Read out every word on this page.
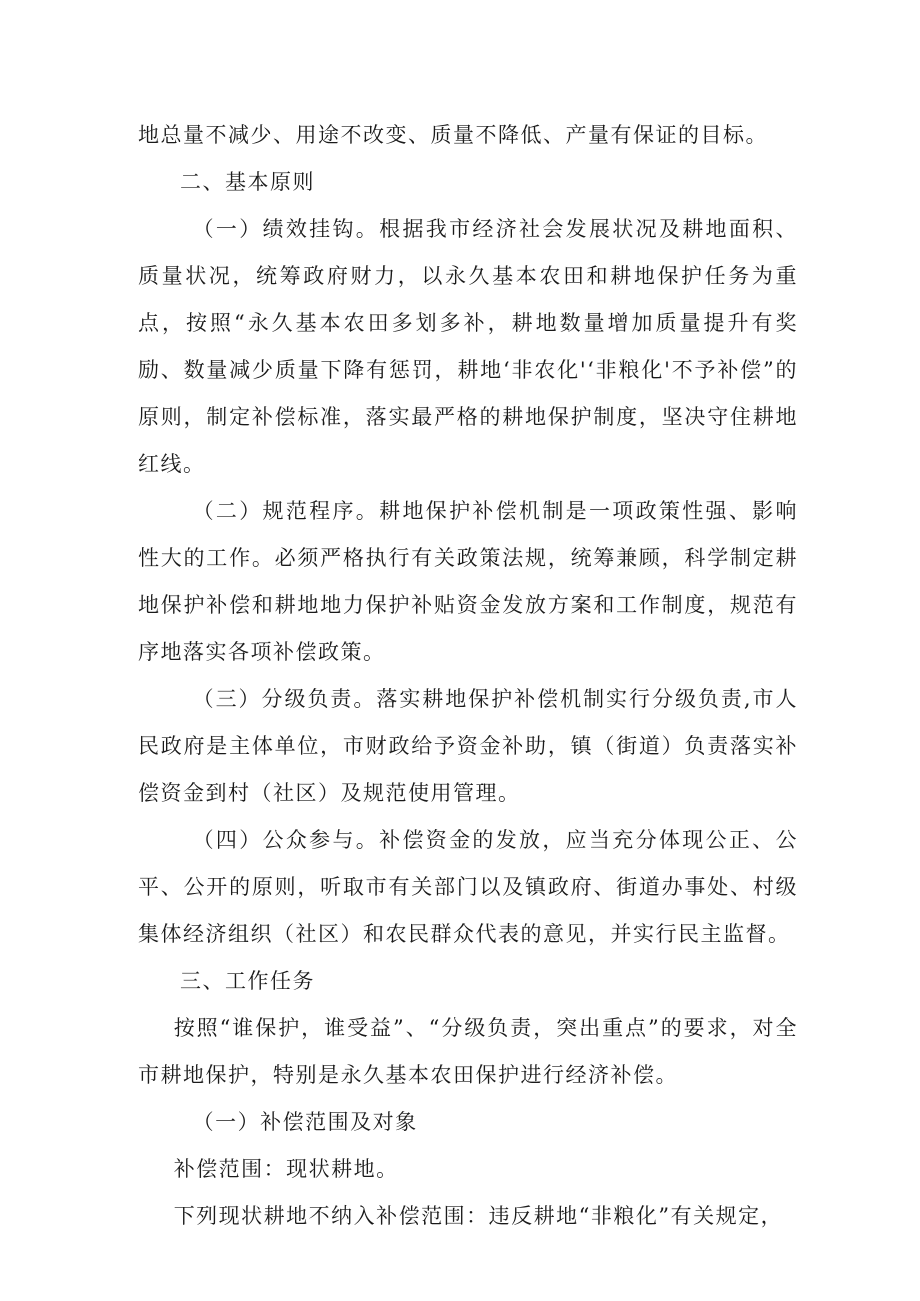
地总量不减少、用途不改变、质量不降低、产量有保证的目标。

二、基本原则

（一）绩效挂钩。根据我市经济社会发展状况及耕地面积、质量状况，统筹政府财力，以永久基本农田和耕地保护任务为重点，按照“永久基本农田多划多补，耕地数量增加质量提升有奖励、数量减少质量下降有惩罚，耕地‘非农化'‘非粮化'不予补偿”的原则，制定补偿标准，落实最严格的耕地保护制度，坚决守住耕地红线。

（二）规范程序。耕地保护补偿机制是一项政策性强、影响性大的工作。必须严格执行有关政策法规，统筹兼顾，科学制定耕地保护补偿和耕地地力保护补贴资金发放方案和工作制度，规范有序地落实各项补偿政策。

（三）分级负责。落实耕地保护补偿机制实行分级负责,市人民政府是主体单位，市财政给予资金补助，镇（街道）负责落实补偿资金到村（社区）及规范使用管理。

（四）公众参与。补偿资金的发放，应当充分体现公正、公平、公开的原则，听取市有关部门以及镇政府、街道办事处、村级集体经济组织（社区）和农民群众代表的意见，并实行民主监督。

三、工作任务

按照“谁保护，谁受益”、“分级负责，突出重点”的要求，对全市耕地保护，特别是永久基本农田保护进行经济补偿。

（一）补偿范围及对象

补偿范围：现状耕地。

下列现状耕地不纳入补偿范围：违反耕地“非粮化”有关规定，
